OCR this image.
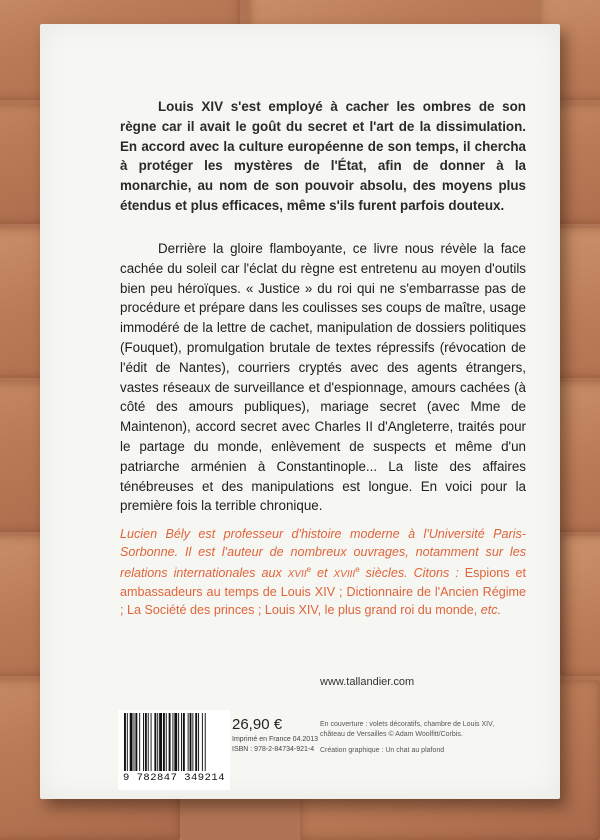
Louis XIV s'est employé à cacher les ombres de son règne car il avait le goût du secret et l'art de la dissimulation. En accord avec la culture européenne de son temps, il chercha à protéger les mystères de l'État, afin de donner à la monarchie, au nom de son pouvoir absolu, des moyens plus étendus et plus efficaces, même s'ils furent parfois douteux.
Derrière la gloire flamboyante, ce livre nous révèle la face cachée du soleil car l'éclat du règne est entretenu au moyen d'outils bien peu héroïques. « Justice » du roi qui ne s'embarrasse pas de procédure et prépare dans les coulisses ses coups de maître, usage immodéré de la lettre de cachet, manipulation de dossiers politiques (Fouquet), promulgation brutale de textes répressifs (révocation de l'édit de Nantes), courriers cryptés avec des agents étrangers, vastes réseaux de surveillance et d'espionnage, amours cachées (à côté des amours publiques), mariage secret (avec Mme de Maintenon), accord secret avec Charles II d'Angleterre, traités pour le partage du monde, enlèvement de suspects et même d'un patriarche arménien à Constantinople... La liste des affaires ténébreuses et des manipulations est longue. En voici pour la première fois la terrible chronique.
Lucien Bély est professeur d'histoire moderne à l'Université Paris-Sorbonne. Il est l'auteur de nombreux ouvrages, notamment sur les relations internationales aux XVIIe et XVIIIe siècles. Citons : Espions et ambassadeurs au temps de Louis XIV ; Dictionnaire de l'Ancien Régime ; La Société des princes ; Louis XIV, le plus grand roi du monde, etc.
www.tallandier.com
9 782847 349214
26,90 €
Imprimé en France 04.2013
ISBN : 978-2-84734-921-4
En couverture : volets décoratifs, chambre de Louis XIV,
château de Versailles © Adam Woolfitt/Corbis.
Création graphique : Un chat au plafond
